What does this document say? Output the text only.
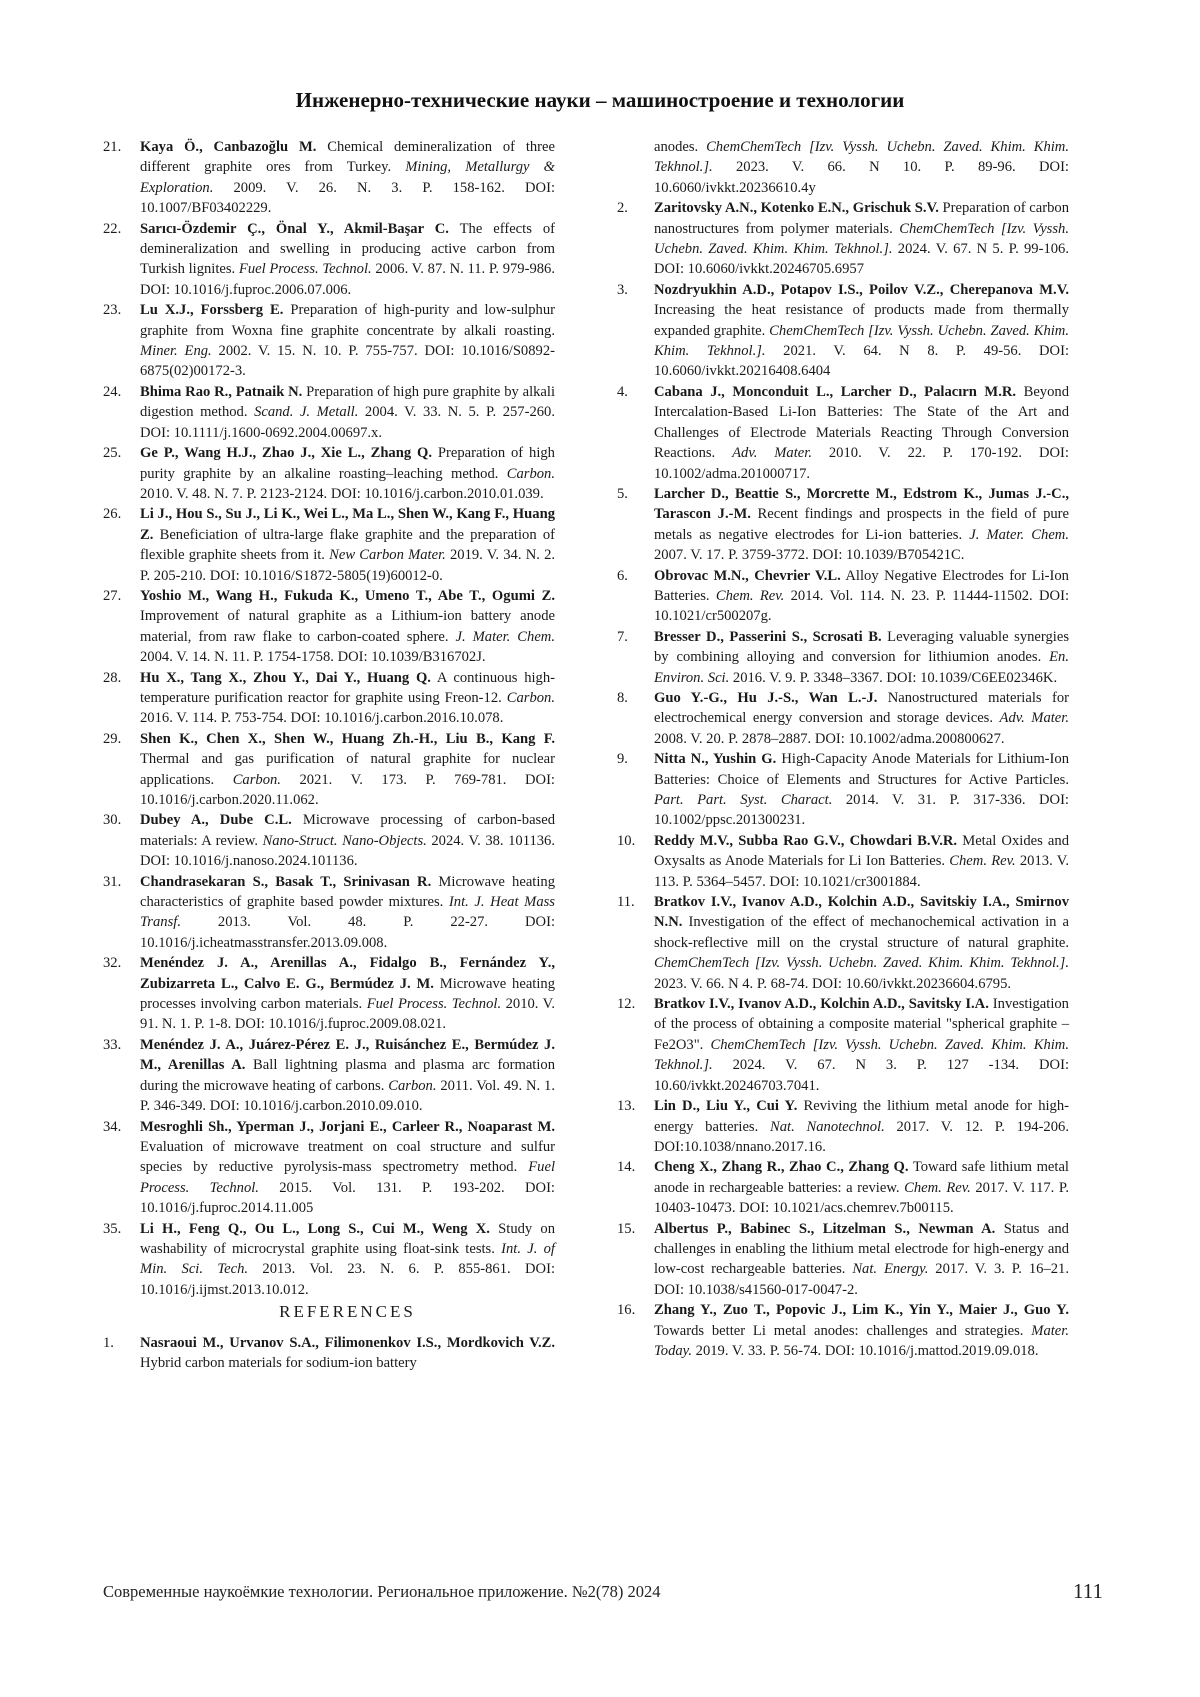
Инженерно-технические науки – машиностроение и технологии
21. Kaya Ö., Canbazoğlu M. Chemical demineralization of three different graphite ores from Turkey. Mining, Metallurgy & Exploration. 2009. V. 26. N. 3. P. 158-162. DOI: 10.1007/BF03402229.
22. Sarıcı-Özdemir Ç., Önal Y., Akmil-Başar C. The effects of demineralization and swelling in producing active carbon from Turkish lignites. Fuel Process. Technol. 2006. V. 87. N. 11. P. 979-986. DOI: 10.1016/j.fuproc.2006.07.006.
23. Lu X.J., Forssberg E. Preparation of high-purity and low-sulphur graphite from Woxna fine graphite concentrate by alkali roasting. Miner. Eng. 2002. V. 15. N. 10. P. 755-757. DOI: 10.1016/S0892-6875(02)00172-3.
24. Bhima Rao R., Patnaik N. Preparation of high pure graphite by alkali digestion method. Scand. J. Metall. 2004. V. 33. N. 5. P. 257-260. DOI: 10.1111/j.1600-0692.2004.00697.x.
25. Ge P., Wang H.J., Zhao J., Xie L., Zhang Q. Preparation of high purity graphite by an alkaline roasting–leaching method. Carbon. 2010. V. 48. N. 7. P. 2123-2124. DOI: 10.1016/j.carbon.2010.01.039.
26. Li J., Hou S., Su J., Li K., Wei L., Ma L., Shen W., Kang F., Huang Z. Beneficiation of ultra-large flake graphite and the preparation of flexible graphite sheets from it. New Carbon Mater. 2019. V. 34. N. 2. P. 205-210. DOI: 10.1016/S1872-5805(19)60012-0.
27. Yoshio M., Wang H., Fukuda K., Umeno T., Abe T., Ogumi Z. Improvement of natural graphite as a Lithium-ion battery anode material, from raw flake to carbon-coated sphere. J. Mater. Chem. 2004. V. 14. N. 11. P. 1754-1758. DOI: 10.1039/B316702J.
28. Hu X., Tang X., Zhou Y., Dai Y., Huang Q. A continuous high-temperature purification reactor for graphite using Freon-12. Carbon. 2016. V. 114. P. 753-754. DOI: 10.1016/j.carbon.2016.10.078.
29. Shen K., Chen X., Shen W., Huang Zh.-H., Liu B., Kang F. Thermal and gas purification of natural graphite for nuclear applications. Carbon. 2021. V. 173. P. 769-781. DOI: 10.1016/j.carbon.2020.11.062.
30. Dubey A., Dube C.L. Microwave processing of carbon-based materials: A review. Nano-Struct. Nano-Objects. 2024. V. 38. 101136. DOI: 10.1016/j.nanoso.2024.101136.
31. Chandrasekaran S., Basak T., Srinivasan R. Microwave heating characteristics of graphite based powder mixtures. Int. J. Heat Mass Transf. 2013. Vol. 48. P. 22-27. DOI: 10.1016/j.icheatmasstransfer.2013.09.008.
32. Menéndez J. A., Arenillas A., Fidalgo B., Fernández Y., Zubizarreta L., Calvo E. G., Bermúdez J. M. Microwave heating processes involving carbon materials. Fuel Process. Technol. 2010. V. 91. N. 1. P. 1-8. DOI: 10.1016/j.fuproc.2009.08.021.
33. Menéndez J. A., Juárez-Pérez E. J., Ruisánchez E., Bermúdez J. M., Arenillas A. Ball lightning plasma and plasma arc formation during the microwave heating of carbons. Carbon. 2011. Vol. 49. N. 1. P. 346-349. DOI: 10.1016/j.carbon.2010.09.010.
34. Mesroghli Sh., Yperman J., Jorjani E., Carleer R., Noaparast M. Evaluation of microwave treatment on coal structure and sulfur species by reductive pyrolysis-mass spectrometry method. Fuel Process. Technol. 2015. Vol. 131. P. 193-202. DOI: 10.1016/j.fuproc.2014.11.005
35. Li H., Feng Q., Ou L., Long S., Cui M., Weng X. Study on washability of microcrystal graphite using float-sink tests. Int. J. of Min. Sci. Tech. 2013. Vol. 23. N. 6. P. 855-861. DOI: 10.1016/j.ijmst.2013.10.012.
REFERENCES
1. Nasraoui M., Urvanov S.A., Filimonenkov I.S., Mordkovich V.Z. Hybrid carbon materials for sodium-ion battery
anodes. ChemChemTech [Izv. Vyssh. Uchebn. Zaved. Khim. Khim. Tekhnol.]. 2023. V. 66. N 10. P. 89-96. DOI: 10.6060/ivkkt.20236610.4y
2. Zaritovsky A.N., Kotenko E.N., Grischuk S.V. Preparation of carbon nanostructures from polymer materials. ChemChemTech [Izv. Vyssh. Uchebn. Zaved. Khim. Khim. Tekhnol.]. 2024. V. 67. N 5. P. 99-106. DOI: 10.6060/ivkkt.20246705.6957
3. Nozdryukhin A.D., Potapov I.S., Poilov V.Z., Cherepanova M.V. Increasing the heat resistance of products made from thermally expanded graphite. ChemChemTech [Izv. Vyssh. Uchebn. Zaved. Khim. Khim. Tekhnol.]. 2021. V. 64. N 8. P. 49-56. DOI: 10.6060/ivkkt.20216408.6404
4. Cabana J., Monconduit L., Larcher D., Palacırn M.R. Beyond Intercalation-Based Li-Ion Batteries: The State of the Art and Challenges of Electrode Materials Reacting Through Conversion Reactions. Adv. Mater. 2010. V. 22. P. 170-192. DOI: 10.1002/adma.201000717.
5. Larcher D., Beattie S., Morcrette M., Edstrom K., Jumas J.-C., Tarascon J.-M. Recent findings and prospects in the field of pure metals as negative electrodes for Li-ion batteries. J. Mater. Chem. 2007. V. 17. P. 3759-3772. DOI: 10.1039/B705421C.
6. Obrovac M.N., Chevrier V.L. Alloy Negative Electrodes for Li-Ion Batteries. Chem. Rev. 2014. Vol. 114. N. 23. P. 11444-11502. DOI: 10.1021/cr500207g.
7. Bresser D., Passerini S., Scrosati B. Leveraging valuable synergies by combining alloying and conversion for lithiumion anodes. En. Environ. Sci. 2016. V. 9. P. 3348–3367. DOI: 10.1039/C6EE02346K.
8. Guo Y.-G., Hu J.-S., Wan L.-J. Nanostructured materials for electrochemical energy conversion and storage devices. Adv. Mater. 2008. V. 20. P. 2878–2887. DOI: 10.1002/adma.200800627.
9. Nitta N., Yushin G. High-Capacity Anode Materials for Lithium-Ion Batteries: Choice of Elements and Structures for Active Particles. Part. Part. Syst. Charact. 2014. V. 31. P. 317-336. DOI: 10.1002/ppsc.201300231.
10. Reddy M.V., Subba Rao G.V., Chowdari B.V.R. Metal Oxides and Oxysalts as Anode Materials for Li Ion Batteries. Chem. Rev. 2013. V. 113. P. 5364–5457. DOI: 10.1021/cr3001884.
11. Bratkov I.V., Ivanov A.D., Kolchin A.D., Savitskiy I.A., Smirnov N.N. Investigation of the effect of mechanochemical activation in a shock-reflective mill on the crystal structure of natural graphite. ChemChemTech [Izv. Vyssh. Uchebn. Zaved. Khim. Khim. Tekhnol.]. 2023. V. 66. N 4. P. 68-74. DOI: 10.60/ivkkt.20236604.6795.
12. Bratkov I.V., Ivanov A.D., Kolchin A.D., Savitsky I.A. Investigation of the process of obtaining a composite material "spherical graphite – Fe2O3". ChemChemTech [Izv. Vyssh. Uchebn. Zaved. Khim. Khim. Tekhnol.]. 2024. V. 67. N 3. P. 127 -134. DOI: 10.60/ivkkt.20246703.7041.
13. Lin D., Liu Y., Cui Y. Reviving the lithium metal anode for high-energy batteries. Nat. Nanotechnol. 2017. V. 12. P. 194-206. DOI:10.1038/nnano.2017.16.
14. Cheng X., Zhang R., Zhao C., Zhang Q. Toward safe lithium metal anode in rechargeable batteries: a review. Chem. Rev. 2017. V. 117. P. 10403-10473. DOI: 10.1021/acs.chemrev.7b00115.
15. Albertus P., Babinec S., Litzelman S., Newman A. Status and challenges in enabling the lithium metal electrode for high-energy and low-cost rechargeable batteries. Nat. Energy. 2017. V. 3. P. 16–21. DOI: 10.1038/s41560-017-0047-2.
16. Zhang Y., Zuo T., Popovic J., Lim K., Yin Y., Maier J., Guo Y. Towards better Li metal anodes: challenges and strategies. Mater. Today. 2019. V. 33. P. 56-74. DOI: 10.1016/j.mattod.2019.09.018.
Современные наукоёмкие технологии. Региональное приложение. №2(78) 2024	111
